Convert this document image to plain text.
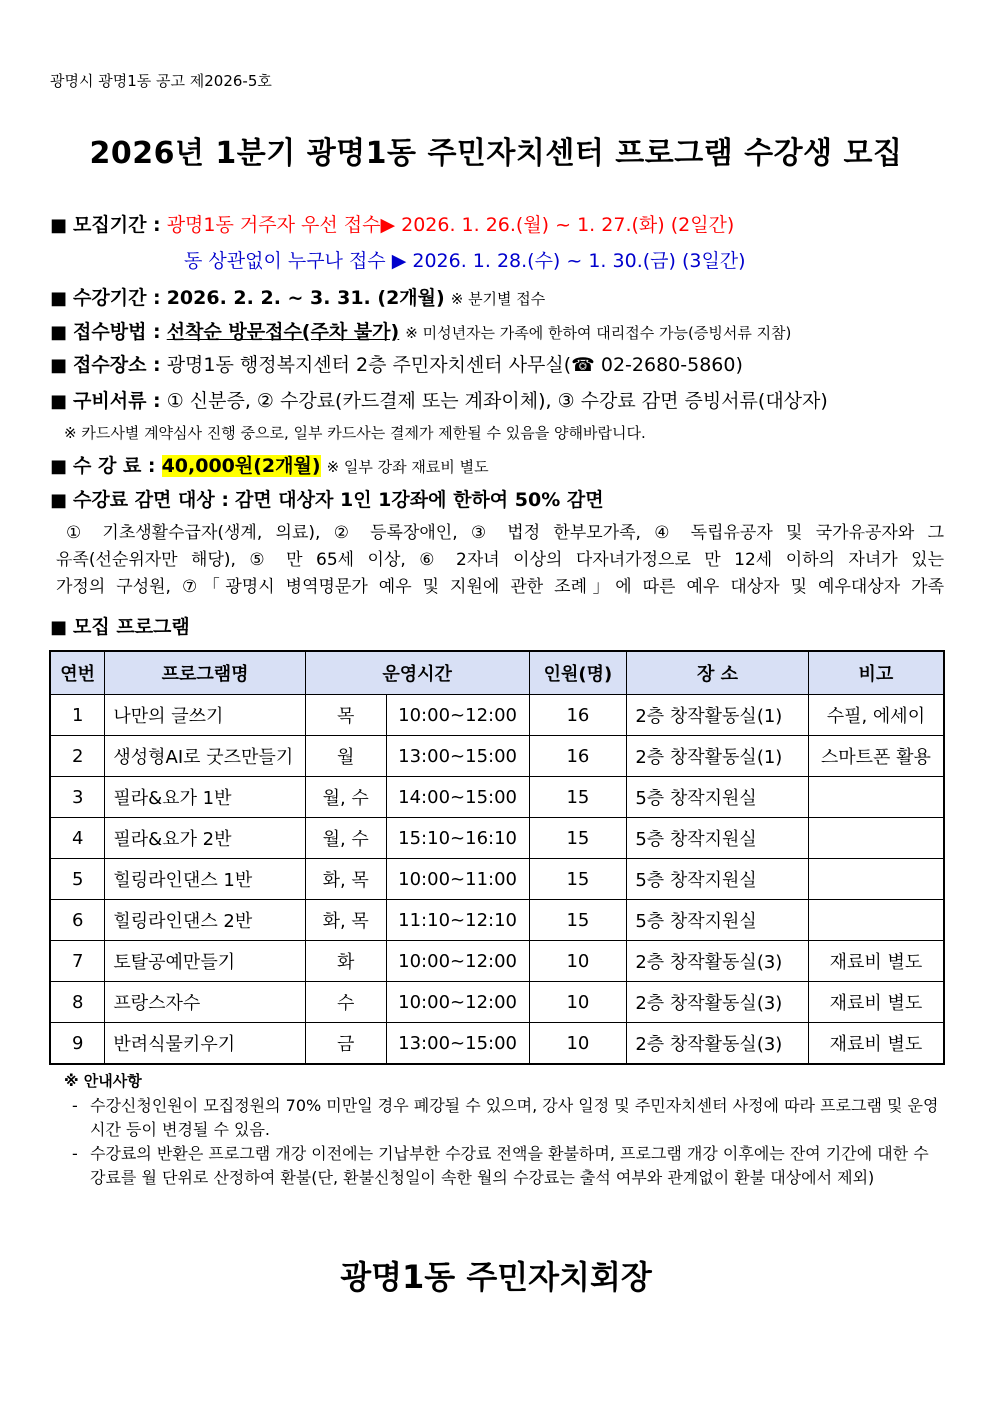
광명시 광명1동 공고 제2026-5호
2026년 1분기 광명1동 주민자치센터 프로그램 수강생 모집
■ 모집기간 : 광명1동 거주자 우선 접수▶ 2026. 1. 26.(월) ~ 1. 27.(화) (2일간)
동 상관없이 누구나 접수 ▶ 2026. 1. 28.(수) ~ 1. 30.(금) (3일간)
■ 수강기간 : 2026. 2. 2. ~ 3. 31. (2개월) ※ 분기별 접수
■ 접수방법 : 선착순 방문접수(주차 불가) ※ 미성년자는 가족에 한하여 대리접수 가능(증빙서류 지참)
■ 접수장소 : 광명1동 행정복지센터 2층 주민자치센터 사무실(☎ 02-2680-5860)
■ 구비서류 : ① 신분증, ② 수강료(카드결제 또는 계좌이체), ③ 수강료 감면 증빙서류(대상자)
※ 카드사별 계약심사 진행 중으로, 일부 카드사는 결제가 제한될 수 있음을 양해바랍니다.
■ 수 강 료 : 40,000원(2개월) ※ 일부 강좌 재료비 별도
■ 수강료 감면 대상 : 감면 대상자 1인 1강좌에 한하여 50% 감면
① 기초생활수급자(생계, 의료), ② 등록장애인, ③ 법정 한부모가족, ④ 독립유공자 및 국가유공자와 그
유족(선순위자만 해당), ⑤ 만 65세 이상, ⑥ 2자녀 이상의 다자녀가정으로 만 12세 이하의 자녀가 있는
가정의 구성원, ⑦「광명시 병역명문가 예우 및 지원에 관한 조례」에 따른 예우 대상자 및 예우대상자 가족
■ 모집 프로그램
연번	프로그램명	운영시간		인원(명)	장 소	비고
1	나만의 글쓰기	목	10:00~12:00	16	2층 창작활동실(1)	수필, 에세이
2	생성형AI로 굿즈만들기	월	13:00~15:00	16	2층 창작활동실(1)	스마트폰 활용
3	필라&요가 1반	월, 수	14:00~15:00	15	5층 창작지원실	
4	필라&요가 2반	월, 수	15:10~16:10	15	5층 창작지원실	
5	힐링라인댄스 1반	화, 목	10:00~11:00	15	5층 창작지원실	
6	힐링라인댄스 2반	화, 목	11:10~12:10	15	5층 창작지원실	
7	토탈공예만들기	화	10:00~12:00	10	2층 창작활동실(3)	재료비 별도
8	프랑스자수	수	10:00~12:00	10	2층 창작활동실(3)	재료비 별도
9	반려식물키우기	금	13:00~15:00	10	2층 창작활동실(3)	재료비 별도
※ 안내사항
- 수강신청인원이 모집정원의 70% 미만일 경우 폐강될 수 있으며, 강사 일정 및 주민자치센터 사정에 따라 프로그램 및 운영시간 등이 변경될 수 있음.
- 수강료의 반환은 프로그램 개강 이전에는 기납부한 수강료 전액을 환불하며, 프로그램 개강 이후에는 잔여 기간에 대한 수강료를 월 단위로 산정하여 환불(단, 환불신청일이 속한 월의 수강료는 출석 여부와 관계없이 환불 대상에서 제외)
광명1동 주민자치회장
